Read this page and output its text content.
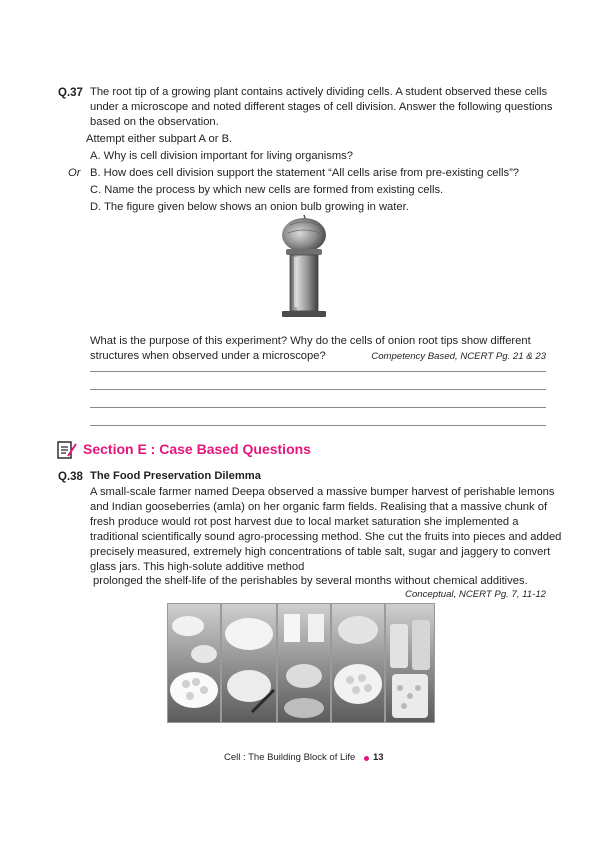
Q.37 The root tip of a growing plant contains actively dividing cells. A student observed these cells
under a microscope and noted different stages of cell division. Answer the following questions
based on the observation.
Attempt either subpart A or B.
A. Why is cell division important for living organisms?
Or B. How does cell division support the statement “All cells arise from pre-existing cells”?
C. Name the process by which new cells are formed from existing cells.
D. The figure given below shows an onion bulb growing in water.
What is the purpose of this experiment? Why do the cells of onion root tips show different
structures when observed under a microscope?	Competency Based, NCERT Pg. 21 & 23
Section E : Case Based Questions
Q.38 The Food Preservation Dilemma
A small-scale farmer named Deepa observed a massive bumper harvest of perishable lemons
and Indian gooseberries (amla) on her organic farm fields. Realising that a massive chunk of
fresh produce would rot post harvest due to local market saturation she implemented a
traditional scientifically sound agro-processing method. She cut the fruits into pieces and added
precisely measured, extremely high concentrations of table salt, sugar and jaggery to convert
glass jars. This high-solute additive method
prolonged the shelf-life of the perishables by several months without chemical additives.
Conceptual, NCERT Pg. 7, 11-12
Cell : The Building Block of Life 13
